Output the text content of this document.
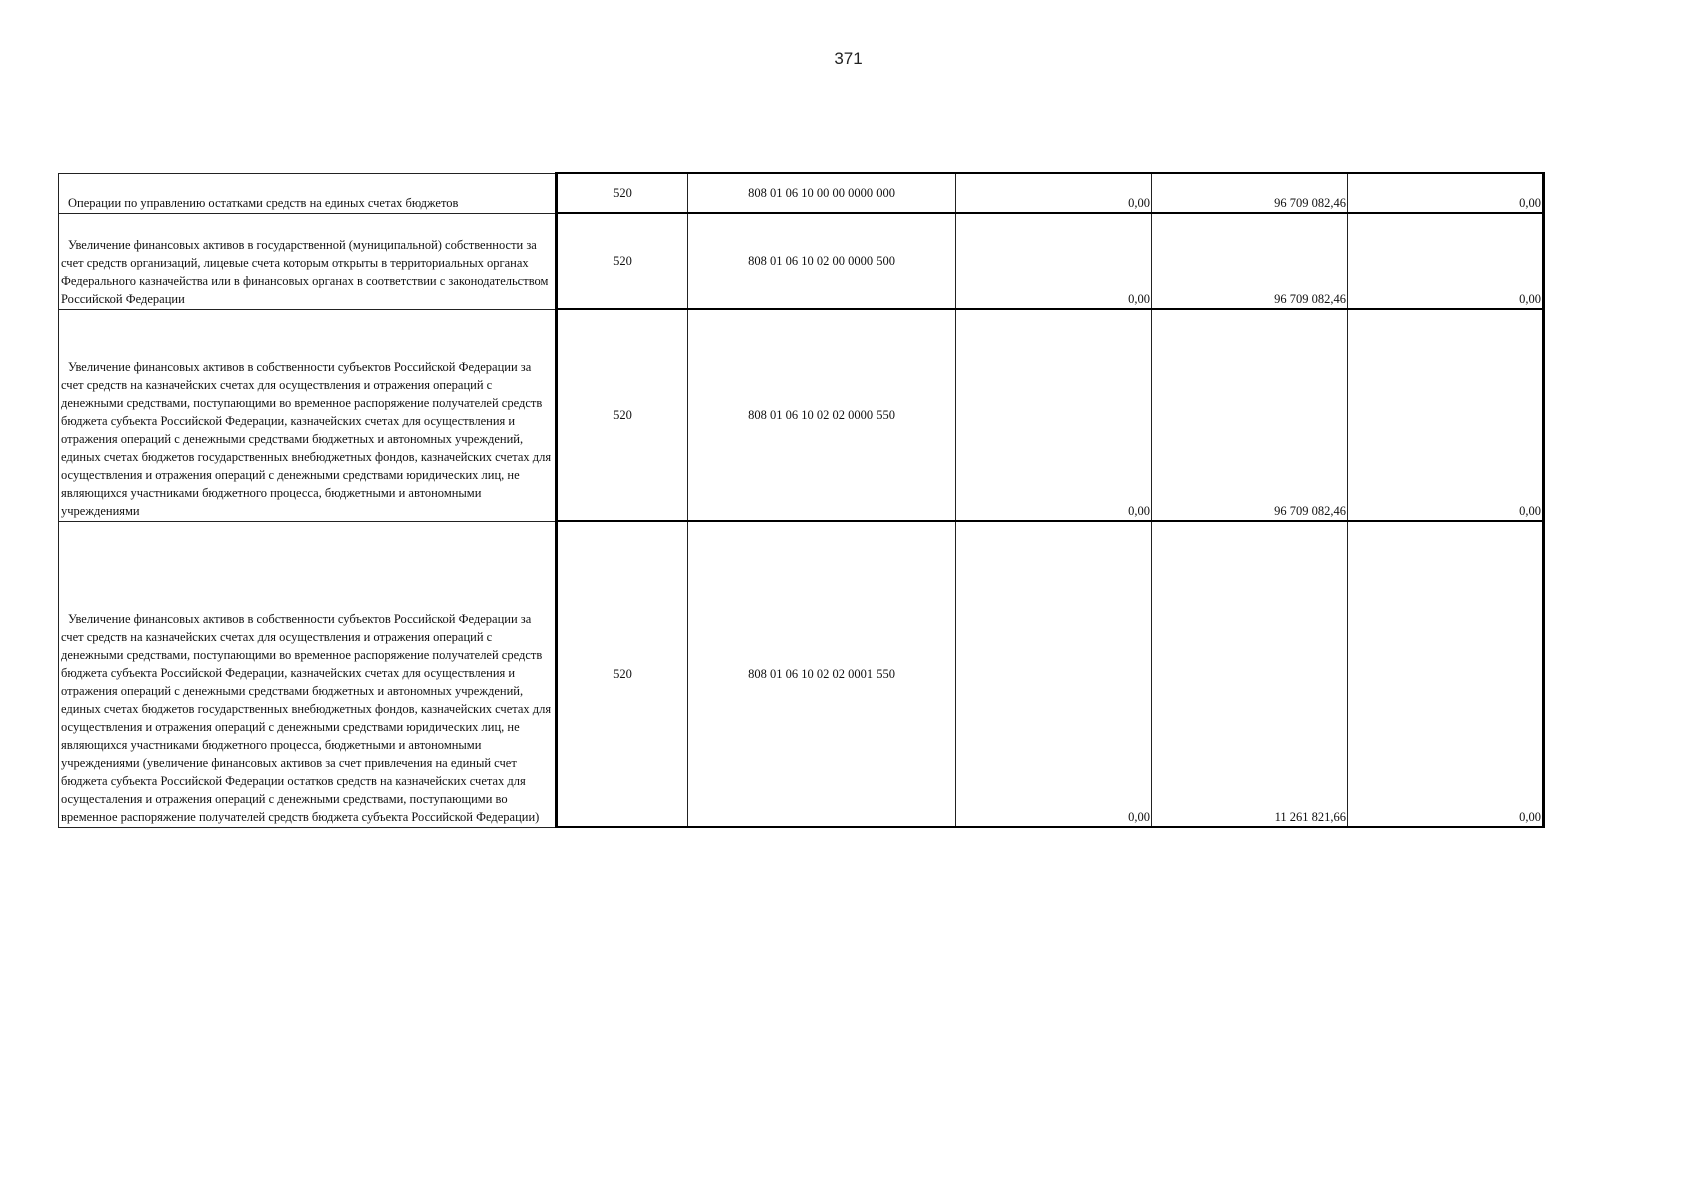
371
Операции по управлению остатками средств на единых счетах бюджетов	520	808 01 06 10 00 00 0000 000	0,00	96 709 082,46	0,00
Увеличение финансовых активов в государственной (муниципальной) собственности за счет средств организаций, лицевые счета которым открыты в территориальных органах Федерального казначейства или в финансовых органах в соответствии с законодательством Российской Федерации	520	808 01 06 10 02 00 0000 500	0,00	96 709 082,46	0,00
Увеличение финансовых активов в собственности субъектов Российской Федерации за счет средств на казначейских счетах для осуществления и отражения операций с денежными средствами, поступающими во временное распоряжение получателей средств бюджета субъекта Российской Федерации, казначейских счетах для осуществления и отражения операций с денежными средствами бюджетных и автономных учреждений, единых счетах бюджетов государственных внебюджетных фондов, казначейских счетах для осуществления и отражения операций с денежными средствами юридических лиц, не являющихся участниками бюджетного процесса, бюджетными и автономными учреждениями	520	808 01 06 10 02 02 0000 550	0,00	96 709 082,46	0,00
Увеличение финансовых активов в собственности субъектов Российской Федерации за счет средств на казначейских счетах для осуществления и отражения операций с денежными средствами, поступающими во временное распоряжение получателей средств бюджета субъекта Российской Федерации, казначейских счетах для осуществления и отражения операций с денежными средствами бюджетных и автономных учреждений, единых счетах бюджетов государственных внебюджетных фондов, казначейских счетах для осуществления и отражения операций с денежными средствами юридических лиц, не являющихся участниками бюджетного процесса, бюджетными и автономными учреждениями (увеличение финансовых активов за счет привлечения на единый счет бюджета субъекта Российской Федерации остатков средств на казначейских счетах для осущесталения и отражения операций с денежными средствами, поступающими во временное распоряжение получателей средств бюджета субъекта Российской Федерации)	520	808 01 06 10 02 02 0001 550	0,00	11 261 821,66	0,00
